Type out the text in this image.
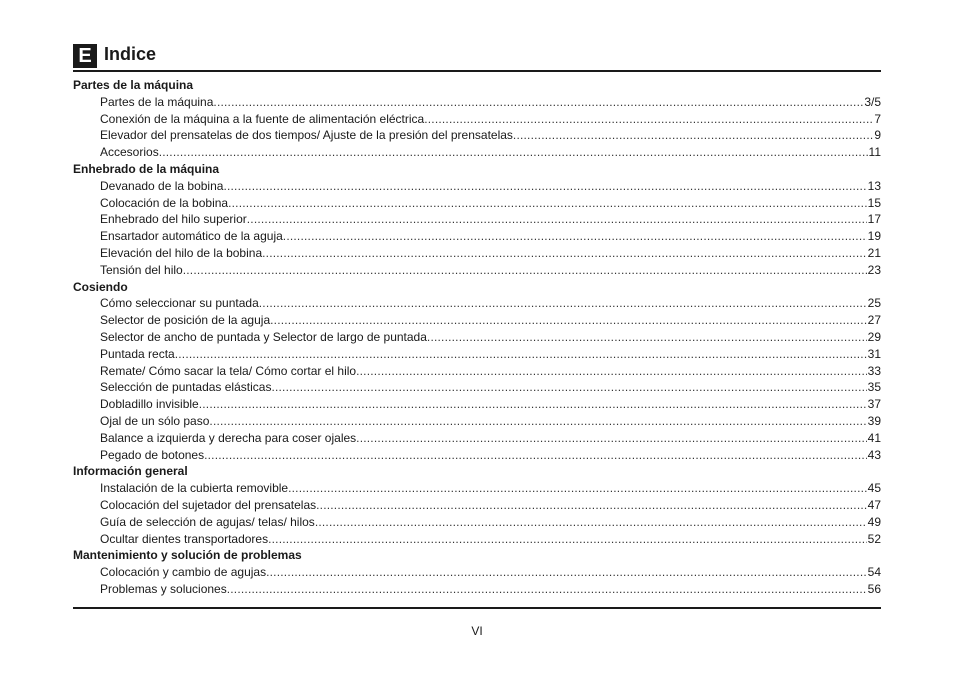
E Indice
Partes de la máquina
Partes de la máquina .....	3/5
Conexión de la máquina a la fuente de alimentación eléctrica .....	7
Elevador del prensatelas de dos tiempos/ Ajuste de la presión del prensatelas .....	9
Accesorios .....	11
Enhebrado de la máquina
Devanado de la bobina .....	13
Colocación de la bobina .....	15
Enhebrado del hilo superior .....	17
Ensartador automático de la aguja .....	19
Elevación del hilo de la bobina .....	21
Tensión del hilo .....	23
Cosiendo
Cómo seleccionar su puntada .....	25
Selector de posición de la aguja .....	27
Selector de ancho de puntada y Selector de largo de puntada .....	29
Puntada recta .....	31
Remate/ Cómo sacar la tela/ Cómo cortar el hilo .....	33
Selección de puntadas elásticas .....	35
Dobladillo invisible .....	37
Ojal de un sólo paso .....	39
Balance a izquierda y derecha para coser ojales .....	41
Pegado de botones .....	43
Información general
Instalación de la cubierta removible .....	45
Colocación del sujetador del prensatelas .....	47
Guía de selección de agujas/ telas/ hilos .....	49
Ocultar dientes transportadores .....	52
Mantenimiento y solución de problemas
Colocación y cambio de agujas .....	54
Problemas y soluciones .....	56
VI
